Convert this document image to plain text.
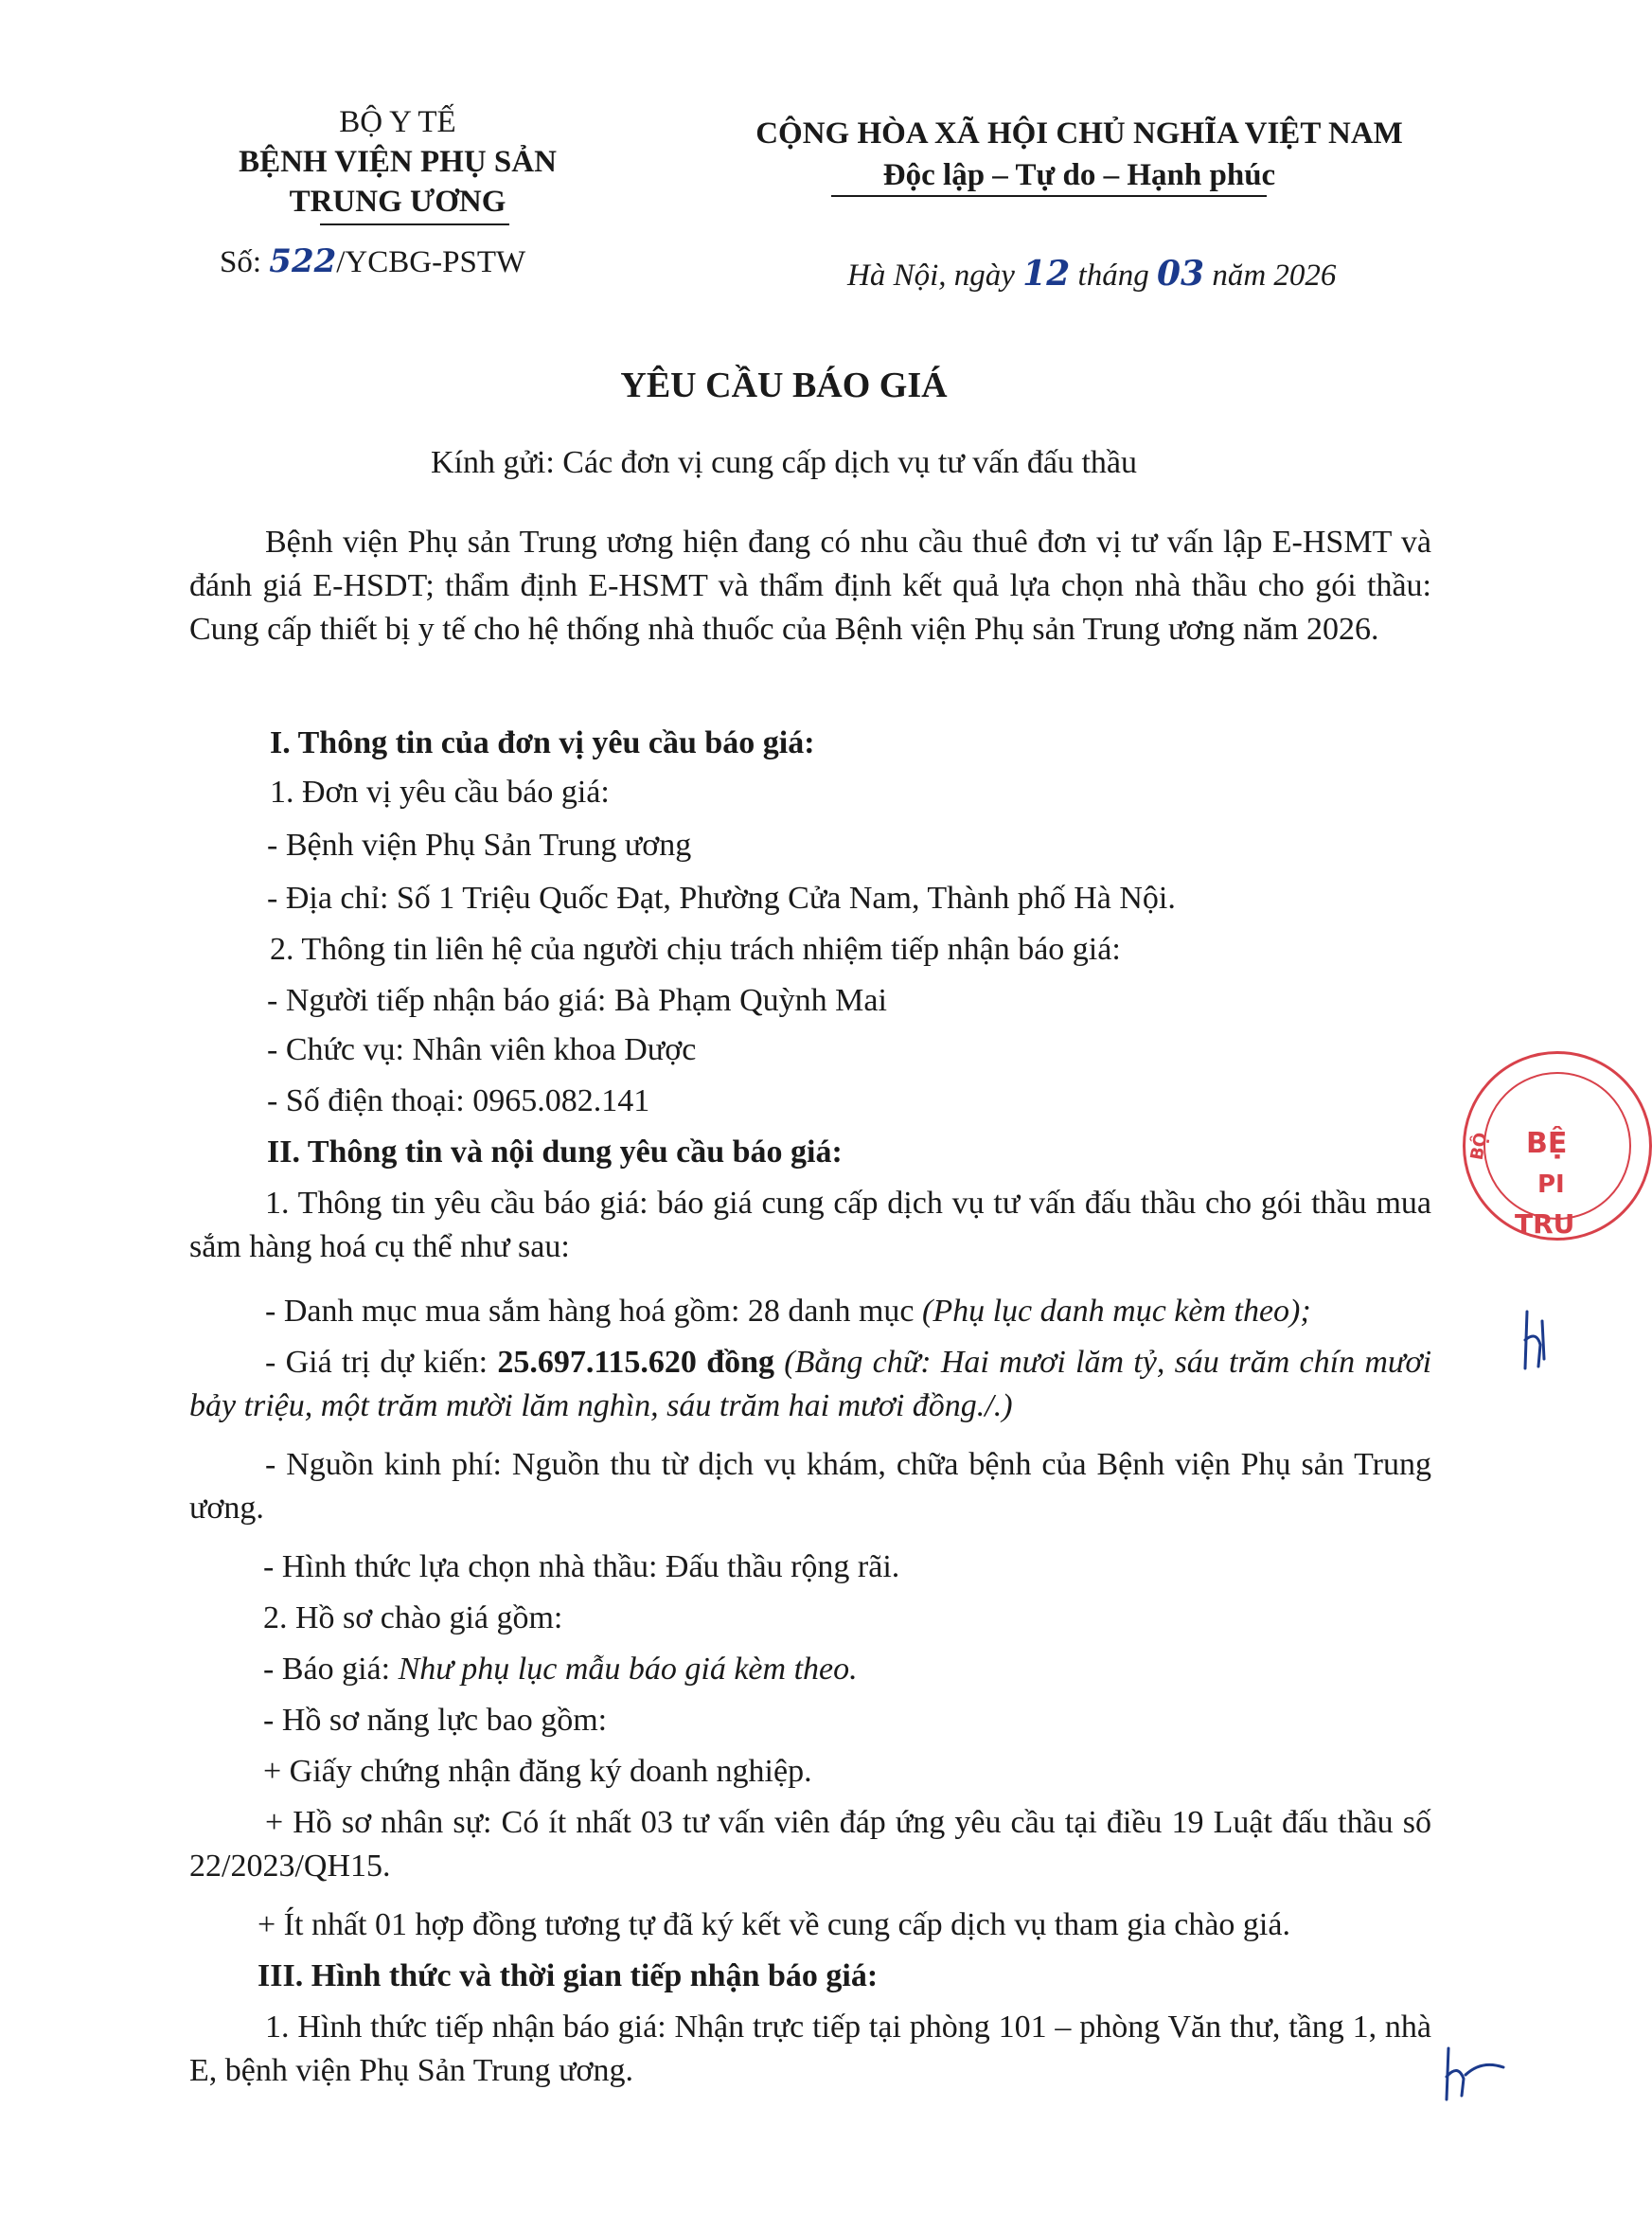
BỘ Y TẾ
BỆNH VIỆN PHỤ SẢN
TRUNG ƯƠNG
Số: 522/YCBG-PSTW
CỘNG HÒA XÃ HỘI CHỦ NGHĨA VIỆT NAM
Độc lập – Tự do – Hạnh phúc
Hà Nội, ngày 12 tháng 03 năm 2026
YÊU CẦU BÁO GIÁ
Kính gửi: Các đơn vị cung cấp dịch vụ tư vấn đấu thầu
Bệnh viện Phụ sản Trung ương hiện đang có nhu cầu thuê đơn vị tư vấn lập E-HSMT và đánh giá E-HSDT; thẩm định E-HSMT và thẩm định kết quả lựa chọn nhà thầu cho gói thầu: Cung cấp thiết bị y tế cho hệ thống nhà thuốc của Bệnh viện Phụ sản Trung ương năm 2026.
I. Thông tin của đơn vị yêu cầu báo giá:
1. Đơn vị yêu cầu báo giá:
- Bệnh viện Phụ Sản Trung ương
- Địa chỉ: Số 1 Triệu Quốc Đạt, Phường Cửa Nam, Thành phố Hà Nội.
2. Thông tin liên hệ của người chịu trách nhiệm tiếp nhận báo giá:
- Người tiếp nhận báo giá: Bà Phạm Quỳnh Mai
- Chức vụ: Nhân viên khoa Dược
- Số điện thoại: 0965.082.141
II. Thông tin và nội dung yêu cầu báo giá:
1. Thông tin yêu cầu báo giá: báo giá cung cấp dịch vụ tư vấn đấu thầu cho gói thầu mua sắm hàng hoá cụ thể như sau:
- Danh mục mua sắm hàng hoá gồm: 28 danh mục (Phụ lục danh mục kèm theo);
- Giá trị dự kiến: 25.697.115.620 đồng (Bằng chữ: Hai mươi lăm tỷ, sáu trăm chín mươi bảy triệu, một trăm mười lăm nghìn, sáu trăm hai mươi đồng./.)
- Nguồn kinh phí: Nguồn thu từ dịch vụ khám, chữa bệnh của Bệnh viện Phụ sản Trung ương.
- Hình thức lựa chọn nhà thầu: Đấu thầu rộng rãi.
2. Hồ sơ chào giá gồm:
- Báo giá: Như phụ lục mẫu báo giá kèm theo.
- Hồ sơ năng lực bao gồm:
+ Giấy chứng nhận đăng ký doanh nghiệp.
+ Hồ sơ nhân sự: Có ít nhất 03 tư vấn viên đáp ứng yêu cầu tại điều 19 Luật đấu thầu số 22/2023/QH15.
+ Ít nhất 01 hợp đồng tương tự đã ký kết về cung cấp dịch vụ tham gia chào giá.
III. Hình thức và thời gian tiếp nhận báo giá:
1. Hình thức tiếp nhận báo giá: Nhận trực tiếp tại phòng 101 – phòng Văn thư, tầng 1, nhà E, bệnh viện Phụ Sản Trung ương.
BỘ BỆ
PI
TRU
